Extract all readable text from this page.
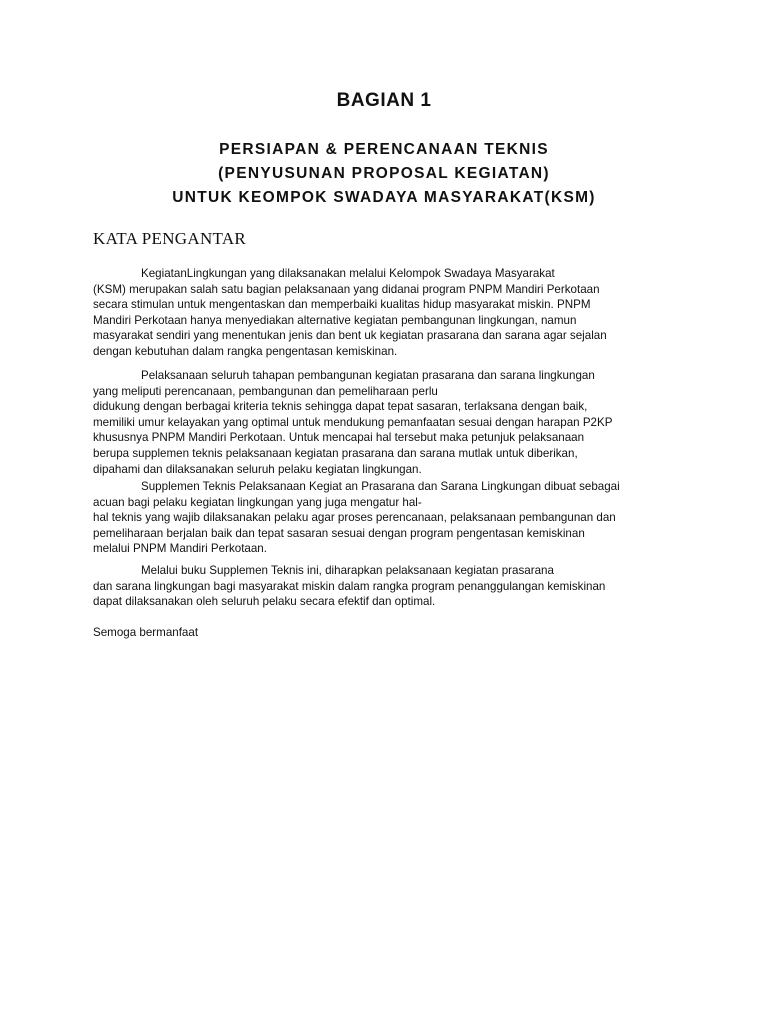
BAGIAN 1
PERSIAPAN & PERENCANAAN TEKNIS
(PENYUSUNAN PROPOSAL KEGIATAN)
UNTUK KEOMPOK SWADAYA MASYARAKAT(KSM)
KATA PENGANTAR
KegiatanLingkungan yang dilaksanakan melalui Kelompok Swadaya Masyarakat
(KSM) merupakan salah satu bagian pelaksanaan yang didanai program PNPM Mandiri Perkotaan
secara stimulan untuk mengentaskan dan memperbaiki kualitas hidup masyarakat miskin. PNPM
Mandiri Perkotaan hanya menyediakan alternative kegiatan pembangunan lingkungan, namun
masyarakat sendiri yang menentukan jenis dan bent uk kegiatan prasarana dan sarana agar sejalan
dengan kebutuhan dalam rangka pengentasan kemiskinan.
Pelaksanaan seluruh tahapan pembangunan kegiatan prasarana dan sarana lingkungan
yang meliputi perencanaan, pembangunan dan pemeliharaan perlu
didukung dengan berbagai kriteria teknis sehingga dapat tepat sasaran, terlaksana dengan baik,
memiliki umur kelayakan yang optimal untuk mendukung pemanfaatan sesuai dengan harapan P2KP
khususnya PNPM Mandiri Perkotaan. Untuk mencapai hal tersebut maka petunjuk pelaksanaan
berupa supplemen teknis pelaksanaan kegiatan prasarana dan sarana mutlak untuk diberikan,
dipahami dan dilaksanakan seluruh pelaku kegiatan lingkungan.
Supplemen Teknis Pelaksanaan Kegiat an Prasarana dan Sarana Lingkungan dibuat sebagai
acuan bagi pelaku kegiatan lingkungan yang juga mengatur hal-
hal teknis yang wajib dilaksanakan pelaku agar proses perencanaan, pelaksanaan pembangunan dan
pemeliharaan berjalan baik dan tepat sasaran sesuai dengan program pengentasan kemiskinan
melalui PNPM Mandiri Perkotaan.
Melalui buku Supplemen Teknis ini, diharapkan pelaksanaan kegiatan prasarana
dan sarana lingkungan bagi masyarakat miskin dalam rangka program penanggulangan kemiskinan
dapat dilaksanakan oleh seluruh pelaku secara efektif dan optimal.
Semoga bermanfaat
